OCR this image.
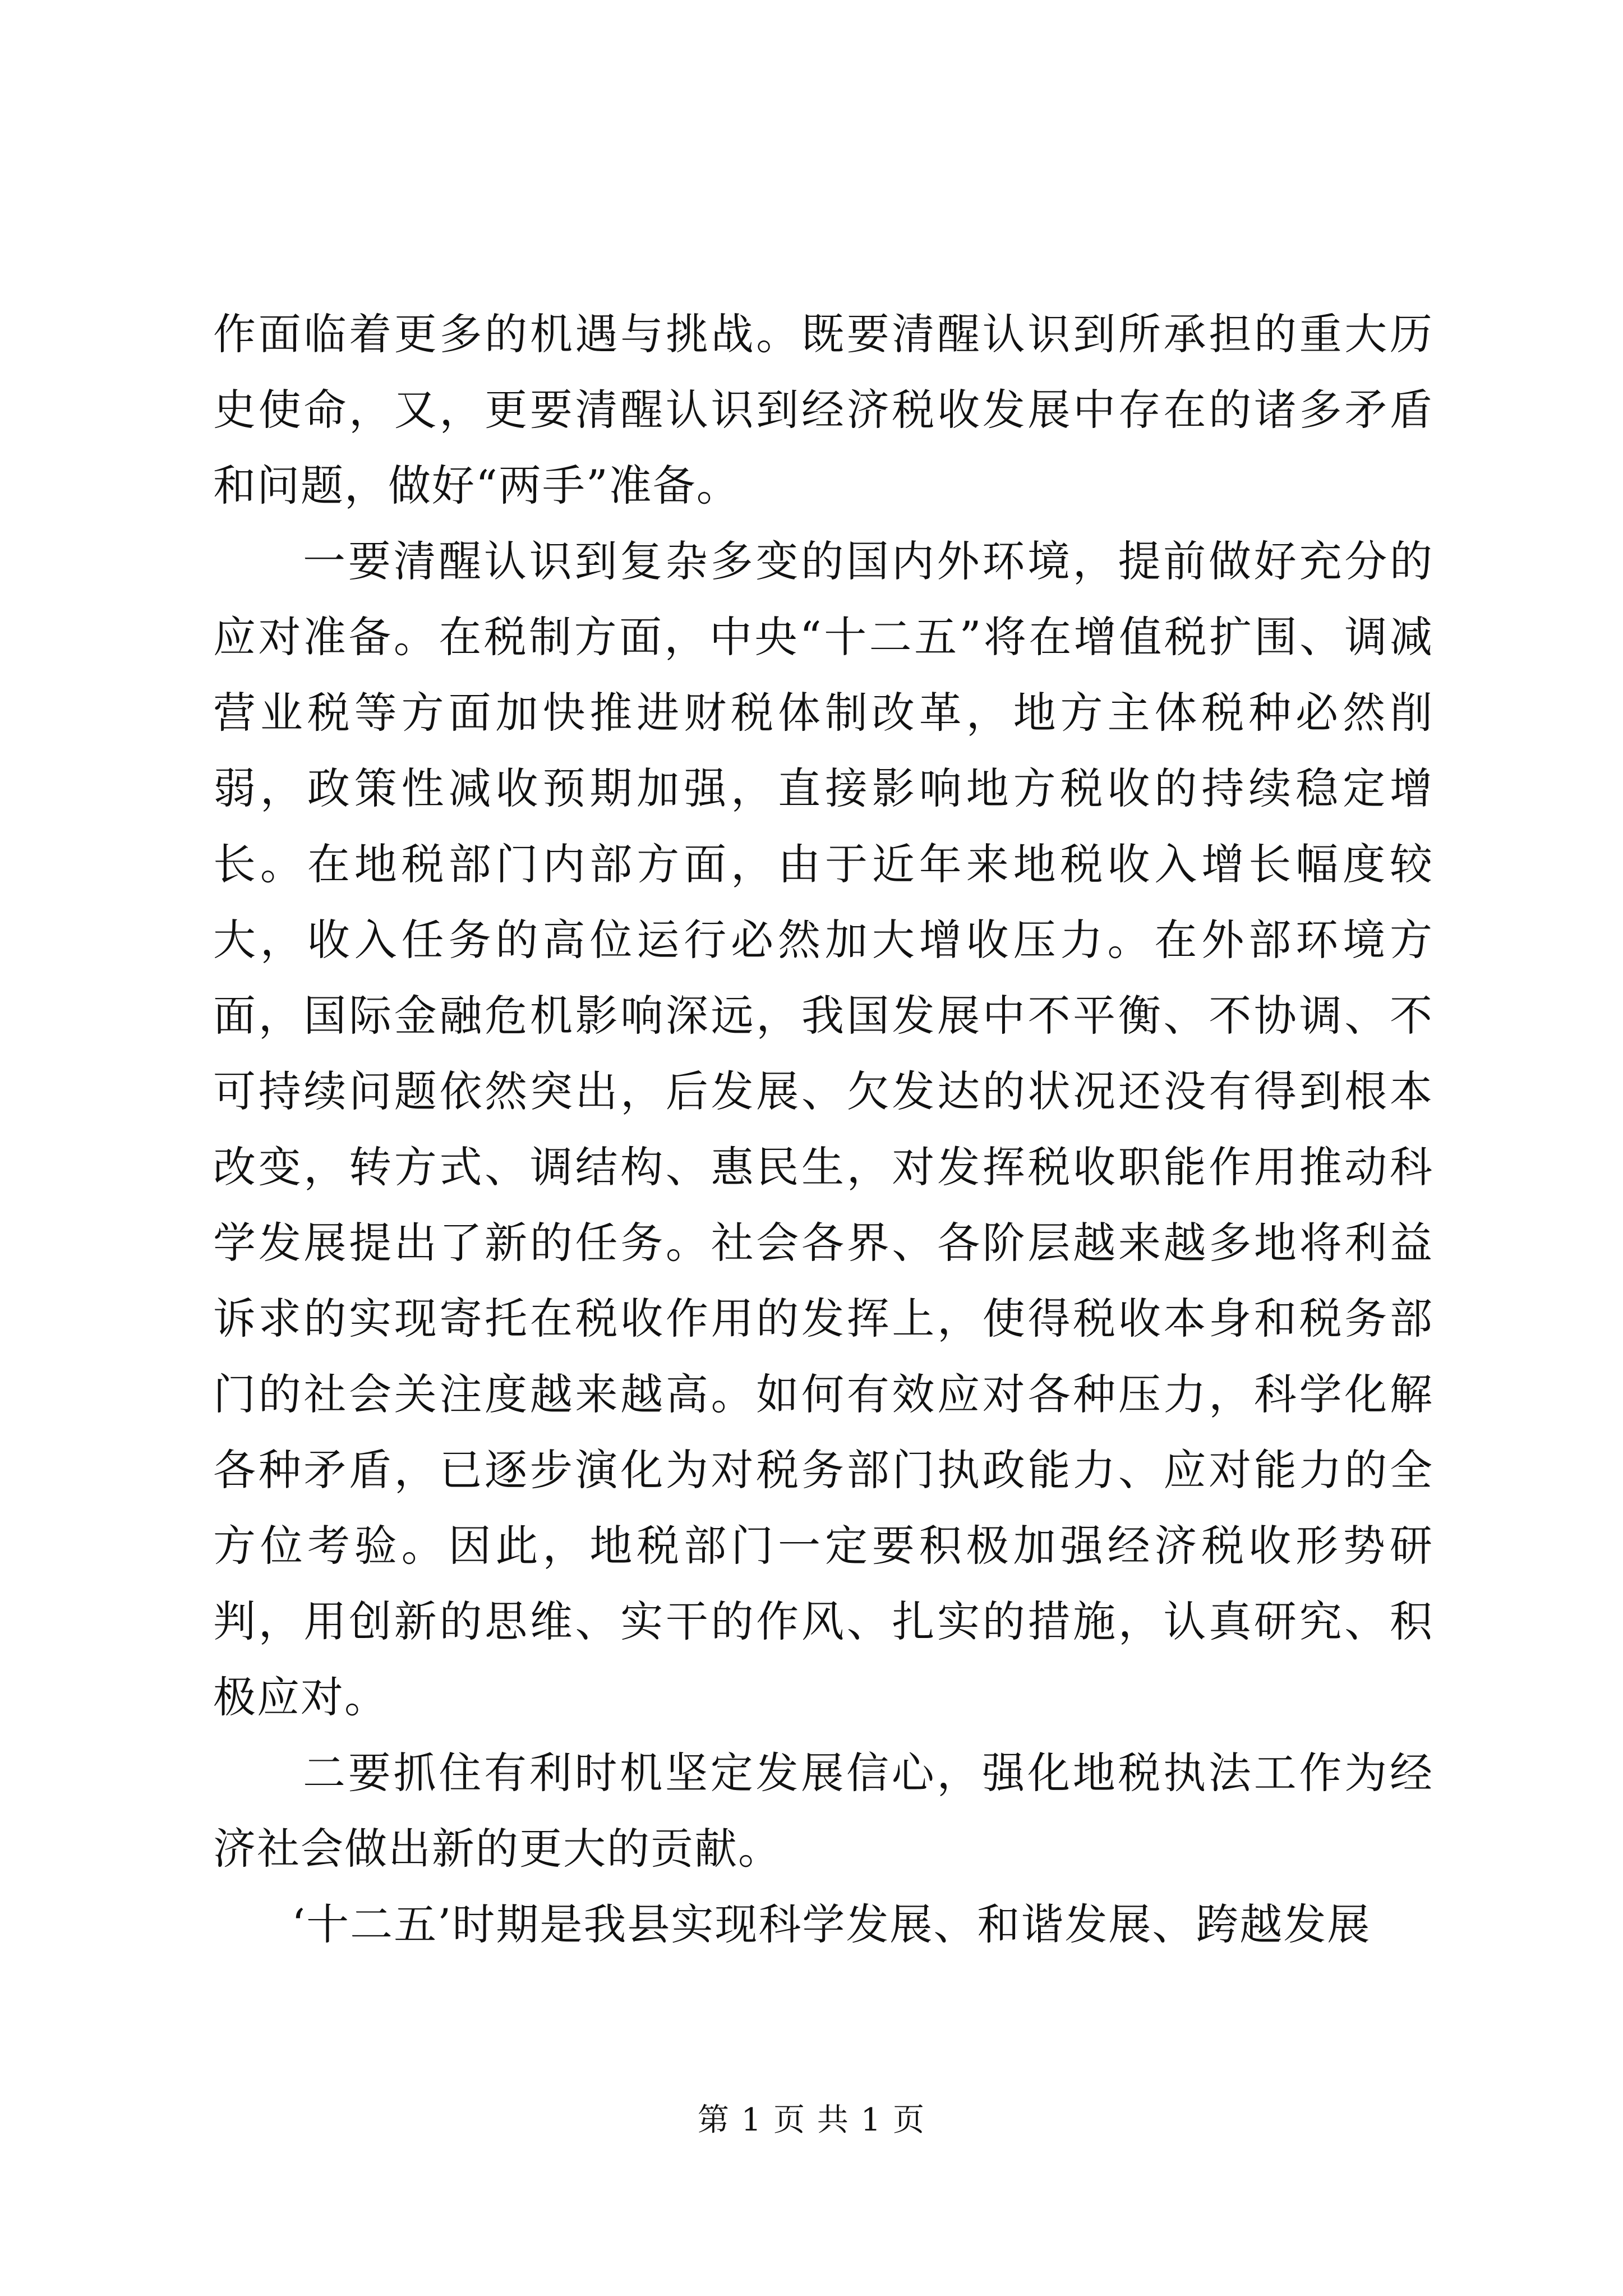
作面临着更多的机遇与挑战。既要清醒认识到所承担的重大历史使命，又，更要清醒认识到经济税收发展中存在的诸多矛盾和问题，做好“两手”准备。

一要清醒认识到复杂多变的国内外环境，提前做好充分的应对准备。在税制方面，中央“十二五”将在增值税扩围、调减营业税等方面加快推进财税体制改革，地方主体税种必然削弱，政策性减收预期加强，直接影响地方税收的持续稳定增长。在地税部门内部方面，由于近年来地税收入增长幅度较大，收入任务的高位运行必然加大增收压力。在外部环境方面，国际金融危机影响深远，我国发展中不平衡、不协调、不可持续问题依然突出，后发展、欠发达的状况还没有得到根本改变，转方式、调结构、惠民生，对发挥税收职能作用推动科学发展提出了新的任务。社会各界、各阶层越来越多地将利益诉求的实现寄托在税收作用的发挥上，使得税收本身和税务部门的社会关注度越来越高。如何有效应对各种压力，科学化解各种矛盾，已逐步演化为对税务部门执政能力、应对能力的全方位考验。因此，地税部门一定要积极加强经济税收形势研判，用创新的思维、实干的作风、扎实的措施，认真研究、积极应对。

二要抓住有利时机坚定发展信心，强化地税执法工作为经济社会做出新的更大的贡献。

‘十二五’时期是我县实现科学发展、和谐发展、跨越发展

第 1 页 共 1 页
